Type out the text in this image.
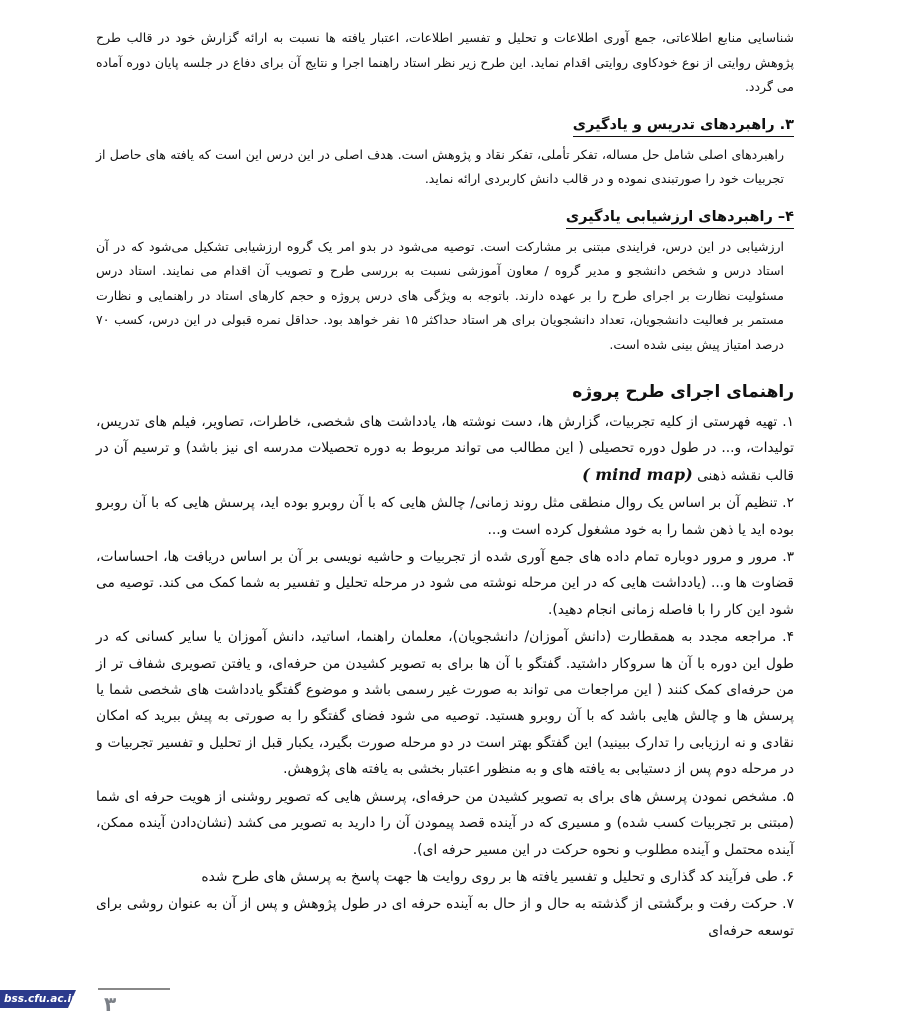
شناسایی منابع اطلاعاتی، جمع آوری اطلاعات و تحلیل و تفسیر اطلاعات، اعتبار یافته ها نسبت به ارائه گزارش خود در قالب طرح پژوهش روایتی از نوع خودکاوی روایتی اقدام نماید. این طرح زیر نظر استاد راهنما اجرا و نتایج آن برای دفاع در جلسه پایان دوره آماده می گردد.

۳. راهبردهای تدریس و یادگیری

راهبردهای اصلی شامل حل مساله، تفکر تأملی، تفکر نقاد و پژوهش است. هدف اصلی در این درس این است که یافته های حاصل از تجربیات خود را صورتبندی نموده و در قالب دانش کاربردی ارائه نماید.

۴– راهبردهای ارزشیابی یادگیری

ارزشیابی در این درس، فرایندی مبتنی بر مشارکت است. توصیه می‌شود در بدو امر یک گروه ارزشیابی تشکیل می‌شود که در آن استاد درس و شخص دانشجو و مدیر گروه / معاون آموزشی نسبت به بررسی طرح و تصویب آن اقدام می نمایند. استاد درس مسئولیت نظارت بر اجرای طرح را بر عهده دارند. باتوجه به ویژگی های درس پروژه و حجم کارهای استاد در راهنمایی و نظارت مستمر بر فعالیت دانشجویان، تعداد دانشجویان برای هر استاد حداکثر ۱۵ نفر خواهد بود. حداقل نمره قبولی در این درس، کسب ۷۰ درصد امتیاز پیش بینی شده است.

راهنمای اجرای طرح پروژه

۱. تهیه فهرستی از کلیه تجربیات، گزارش ها، دست نوشته ها، یادداشت های شخصی، خاطرات، تصاویر، فیلم های تدریس، تولیدات، و... در طول دوره تحصیلی ( این مطالب می تواند مربوط به دوره تحصیلات مدرسه ای نیز باشد) و ترسیم آن در قالب نقشه ذهنی ( mind map)

۲. تنظیم آن بر اساس یک روال منطقی مثل روند زمانی/ چالش هایی که با آن روبرو بوده اید، پرسش هایی که با آن روبرو بوده اید یا ذهن شما را به خود مشغول کرده است و...

۳. مرور و مرور دوباره تمام داده های جمع آوری شده از تجربیات و حاشیه نویسی بر آن بر اساس دریافت ها، احساسات، قضاوت ها و... (یادداشت هایی که در این مرحله نوشته می شود در مرحله تحلیل و تفسیر به شما کمک می کند. توصیه می شود این کار را با فاصله زمانی انجام دهید).

۴. مراجعه مجدد به همقطارت (دانش آموزان/ دانشجویان)، معلمان راهنما، اساتید، دانش آموزان یا سایر کسانی که در طول این دوره با آن ها سروکار داشتید. گفتگو با آن ها برای به تصویر کشیدن من حرفه‌ای، و یافتن تصویری شفاف تر از من حرفه‌ای کمک کنند ( این مراجعات می تواند به صورت غیر رسمی باشد و موضوع گفتگو یادداشت های شخصی شما یا پرسش ها و چالش هایی باشد که با آن روبرو هستید. توصیه می شود فضای گفتگو را به صورتی به پیش ببرید که امکان نقادی و نه ارزیابی را تدارک ببینید) این گفتگو بهتر است در دو مرحله صورت بگیرد، یکبار قبل از تحلیل و تفسیر تجربیات و در مرحله دوم پس از دستیابی به یافته های و به منظور اعتبار بخشی به یافته های پژوهش.

۵. مشخص نمودن پرسش های برای به تصویر کشیدن من حرفه‌ای، پرسش هایی که تصویر روشنی از هویت حرفه ای شما (مبتنی بر تجربیات کسب شده) و مسیری که در آینده قصد پیمودن آن را دارید به تصویر می کشد (نشان‌دادن آینده ممکن، آینده محتمل و آینده مطلوب و نحوه حرکت در این مسیر حرفه ای).

۶. طی فرآیند کد گذاری و تحلیل و تفسیر یافته ها بر روی روایت ها جهت پاسخ به پرسش های طرح شده

۷. حرکت رفت و برگشتی از گذشته به حال و از حال به آینده حرفه ای در طول پژوهش و پس از آن به عنوان روشی برای توسعه حرفه‌ای

bss.cfu.ac.ir ۳
